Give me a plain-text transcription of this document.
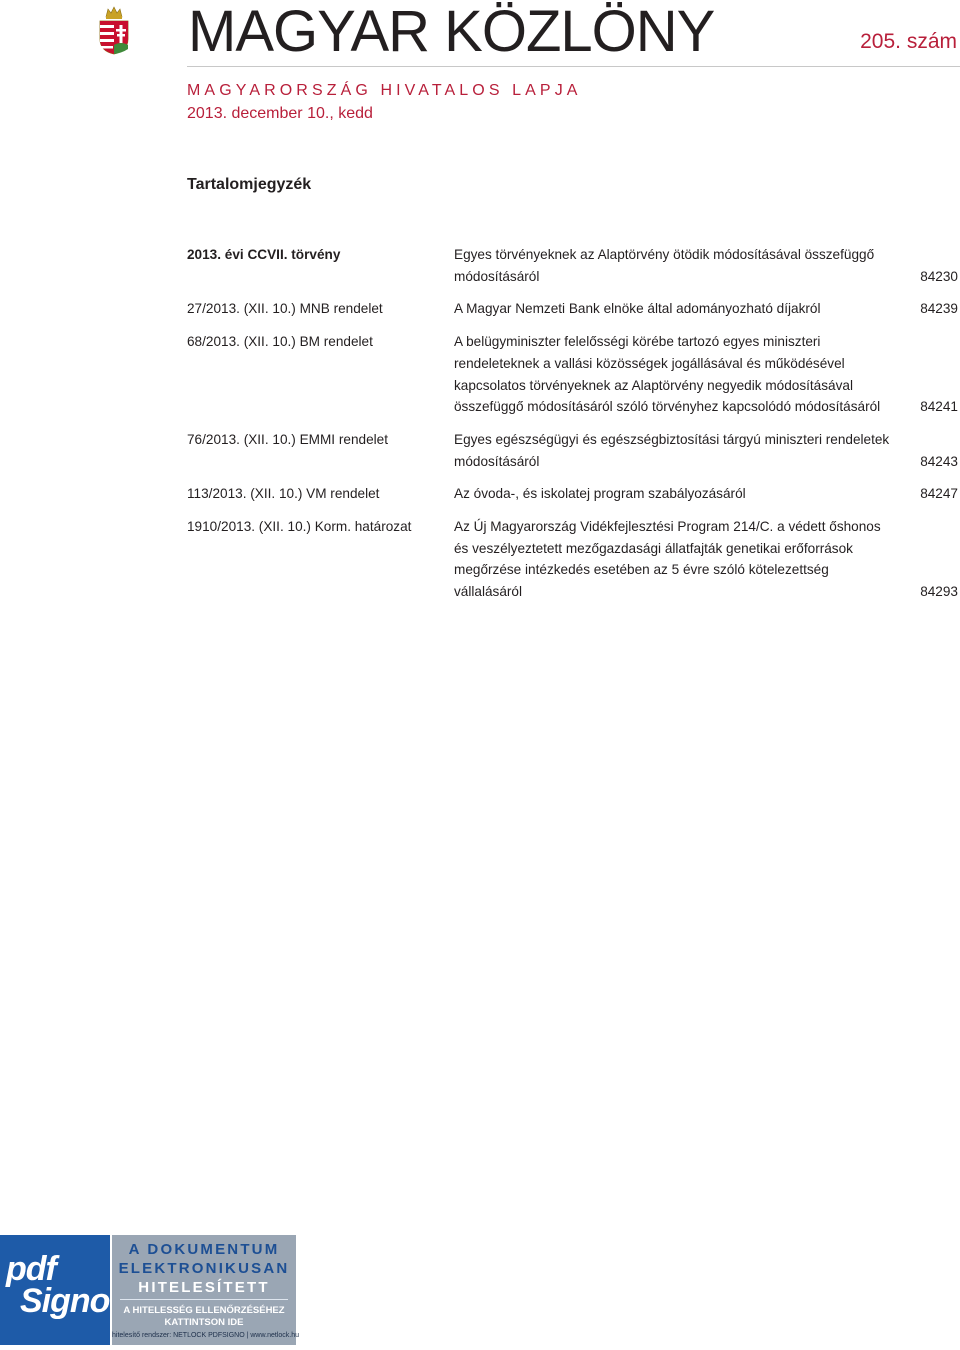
MAGYAR KÖZLÖNY	205. szám
MAGYARORSZÁG HIVATALOS LAPJA
2013. december 10., kedd
Tartalomjegyzék
2013. évi CCVII. törvény	Egyes törvényeknek az Alaptörvény ötödik módosításával összefüggő
módosításáról	84230
27/2013. (XII. 10.) MNB rendelet	A Magyar Nemzeti Bank elnöke által adományozható díjakról	84239
68/2013. (XII. 10.) BM rendelet	A belügyminiszter felelősségi körébe tartozó egyes miniszteri
rendeleteknek a vallási közösségek jogállásával és működésével
kapcsolatos törvényeknek az Alaptörvény negyedik módosításával
összefüggő módosításáról szóló törvényhez kapcsolódó módosításáról	84241
76/2013. (XII. 10.) EMMI rendelet	Egyes egészségügyi és egészségbiztosítási tárgyú miniszteri rendeletek
módosításáról	84243
113/2013. (XII. 10.) VM rendelet	Az óvoda-, és iskolatej program szabályozásáról	84247
1910/2013. (XII. 10.) Korm. határozat	Az Új Magyarország Vidékfejlesztési Program 214/C. a védett őshonos
és veszélyeztetett mezőgazdasági állatfajták genetikai erőforrások
megőrzése intézkedés esetében az 5 évre szóló kötelezettség vállalásáról	84293
pdf
Signo
A DOKUMENTUM
ELEKTRONIKUSAN
HITELESÍTETT
A HITELESSÉG ELLENŐRZÉSÉHEZ
KATTINTSON IDE
hitelesítő rendszer: NETLOCK PDFSIGNO | www.netlock.hu
